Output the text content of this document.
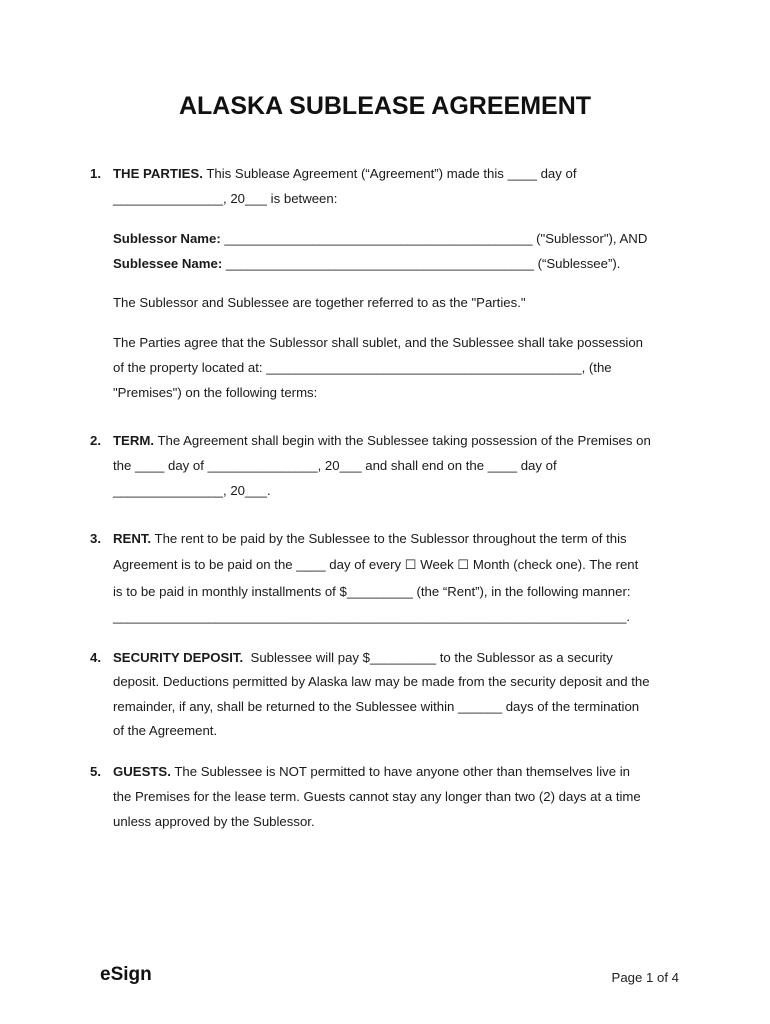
ALASKA SUBLEASE AGREEMENT
1. THE PARTIES. This Sublease Agreement (“Agreement”) made this ____ day of
_______________, 20___ is between:
Sublessor Name: __________________________________________ ("Sublessor"), AND
Sublessee Name: __________________________________________ (“Sublessee”).
The Sublessor and Sublessee are together referred to as the "Parties."
The Parties agree that the Sublessor shall sublet, and the Sublessee shall take possession
of the property located at: ___________________________________________, (the
"Premises") on the following terms:
2. TERM. The Agreement shall begin with the Sublessee taking possession of the Premises on
the ____ day of _______________, 20___ and shall end on the ____ day of
_______________, 20___.
3. RENT. The rent to be paid by the Sublessee to the Sublessor throughout the term of this
Agreement is to be paid on the ____ day of every ☐ Week ☐ Month (check one). The rent
is to be paid in monthly installments of $_________ (the “Rent”), in the following manner:
______________________________________________________________________.
4. SECURITY DEPOSIT.  Sublessee will pay $_________ to the Sublessor as a security
deposit. Deductions permitted by Alaska law may be made from the security deposit and the
remainder, if any, shall be returned to the Sublessee within ______ days of the termination
of the Agreement.
5. GUESTS. The Sublessee is NOT permitted to have anyone other than themselves live in
the Premises for the lease term. Guests cannot stay any longer than two (2) days at a time
unless approved by the Sublessor.
eSign	Page 1 of 4
